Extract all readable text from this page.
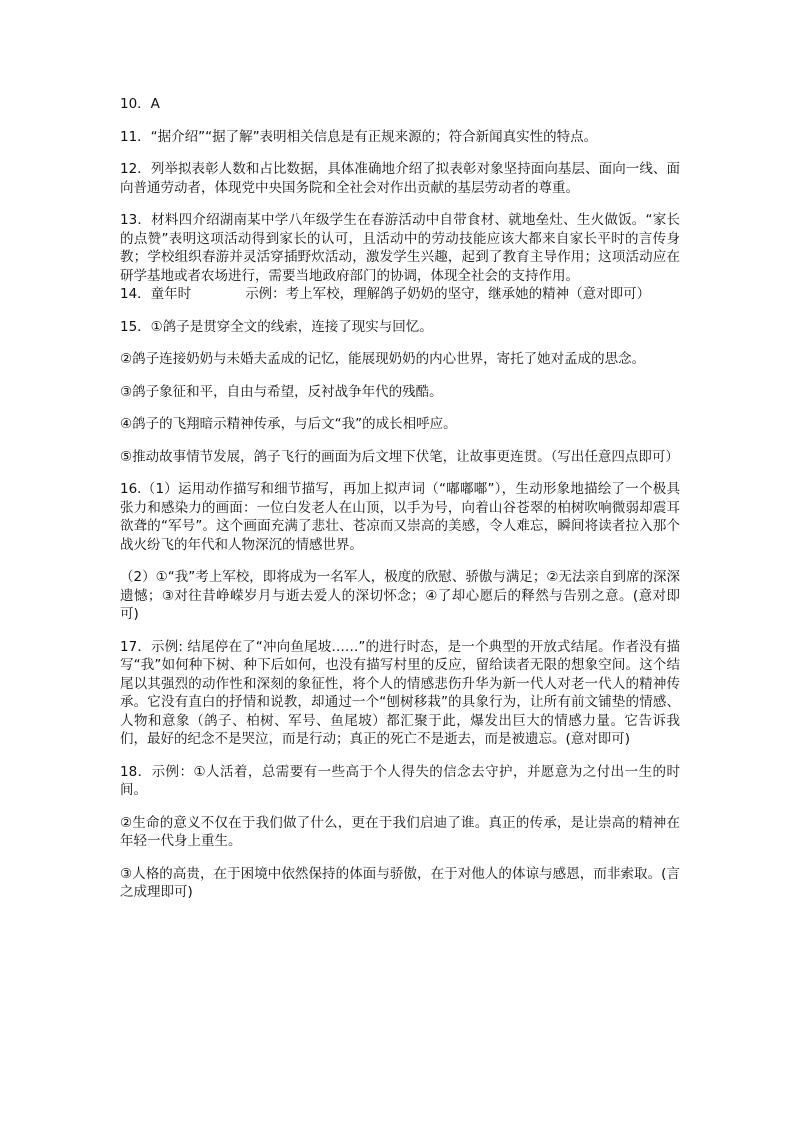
10．A

11．“据介绍”“据了解”表明相关信息是有正规来源的；符合新闻真实性的特点。

12．列举拟表彰人数和占比数据，具体准确地介绍了拟表彰对象坚持面向基层、面向一线、面向普通劳动者，体现党中央国务院和全社会对作出贡献的基层劳动者的尊重。

13．材料四介绍湖南某中学八年级学生在春游活动中自带食材、就地垒灶、生火做饭。“家长的点赞”表明这项活动得到家长的认可，且活动中的劳动技能应该大都来自家长平时的言传身教；学校组织春游并灵活穿插野炊活动，激发学生兴趣，起到了教育主导作用；这项活动应在研学基地或者农场进行，需要当地政府部门的协调，体现全社会的支持作用。

14．童年时	示例：考上军校，理解鸽子奶奶的坚守，继承她的精神（意对即可）

15．①鸽子是贯穿全文的线索，连接了现实与回忆。

②鸽子连接奶奶与未婚夫孟成的记忆，能展现奶奶的内心世界，寄托了她对孟成的思念。

③鸽子象征和平，自由与希望，反衬战争年代的残酷。

④鸽子的飞翔暗示精神传承，与后文“我”的成长相呼应。

⑤推动故事情节发展，鸽子飞行的画面为后文埋下伏笔，让故事更连贯。（写出任意四点即可）

16.（1）运用动作描写和细节描写，再加上拟声词（“嘟嘟嘟”），生动形象地描绘了一个极具张力和感染力的画面：一位白发老人在山顶，以手为号，向着山谷苍翠的柏树吹响微弱却震耳欲聋的“军号”。这个画面充满了悲壮、苍凉而又崇高的美感，令人难忘，瞬间将读者拉入那个战火纷飞的年代和人物深沉的情感世界。

（2）①“我”考上军校，即将成为一名军人，极度的欣慰、骄傲与满足；②无法亲自到席的深深遗憾；③对往昔峥嵘岁月与逝去爱人的深切怀念；④了却心愿后的释然与告别之意。(意对即可)

17．示例: 结尾停在了“冲向鱼尾坡……”的进行时态，是一个典型的开放式结尾。作者没有描写“我”如何种下树、种下后如何，也没有描写村里的反应，留给读者无限的想象空间。这个结尾以其强烈的动作性和深刻的象征性，将个人的情感悲伤升华为新一代人对老一代人的精神传承。它没有直白的抒情和说教，却通过一个“刨树移栽”的具象行为，让所有前文铺垫的情感、人物和意象（鸽子、柏树、军号、鱼尾坡）都汇聚于此，爆发出巨大的情感力量。它告诉我们，最好的纪念不是哭泣，而是行动；真正的死亡不是逝去，而是被遗忘。(意对即可)

18．示例：①人活着，总需要有一些高于个人得失的信念去守护，并愿意为之付出一生的时间。

②生命的意义不仅在于我们做了什么，更在于我们启迪了谁。真正的传承，是让崇高的精神在年轻一代身上重生。

③人格的高贵，在于困境中依然保持的体面与骄傲，在于对他人的体谅与感恩，而非索取。(言之成理即可)
